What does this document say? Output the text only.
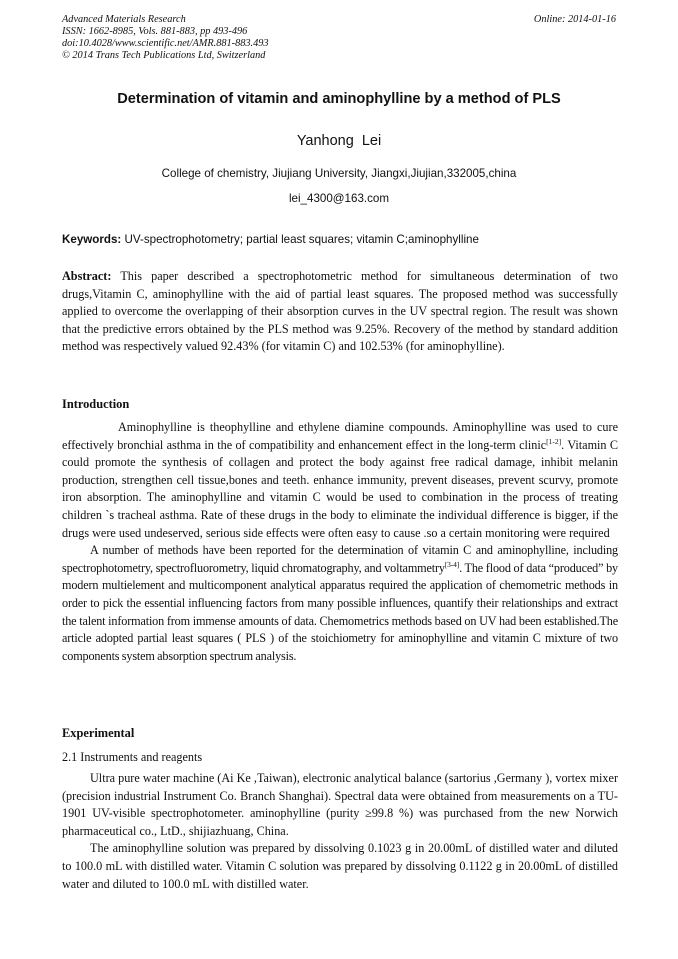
Advanced Materials Research
ISSN: 1662-8985, Vols. 881-883, pp 493-496
doi:10.4028/www.scientific.net/AMR.881-883.493
© 2014 Trans Tech Publications Ltd, Switzerland
Online: 2014-01-16
Determination of vitamin and aminophylline by a method of PLS
Yanhong Lei
College of chemistry, Jiujiang University, Jiangxi,Jiujian,332005,china
lei_4300@163.com
Keywords: UV-spectrophotometry; partial least squares; vitamin C;aminophylline

Abstract: This paper described a spectrophotometric method for simultaneous determination of two drugs,Vitamin C, aminophylline with the aid of partial least squares. The proposed method was successfully applied to overcome the overlapping of their absorption curves in the UV spectral region. The result was shown that the predictive errors obtained by the PLS method was 9.25%. Recovery of the method by standard addition method was respectively valued 92.43% (for vitamin C) and 102.53% (for aminophylline).

Introduction

Aminophylline is theophylline and ethylene diamine compounds. Aminophylline was used to cure effectively bronchial asthma in the of compatibility and enhancement effect in the long-term clinic[1-2]. Vitamin C could promote the synthesis of collagen and protect the body against free radical damage, inhibit melanin production, strengthen cell tissue,bones and teeth. enhance immunity, prevent diseases, prevent scurvy, promote iron absorption. The aminophylline and vitamin C would be used to combination in the process of treating children `s tracheal asthma. Rate of these drugs in the body to eliminate the individual difference is bigger, if the drugs were used undeserved, serious side effects were often easy to cause .so a certain monitoring were required

A number of methods have been reported for the determination of vitamin C and aminophylline, including spectrophotometry, spectrofluorometry, liquid chromatography, and voltammetry[3-4]. The flood of data “produced” by modern multielement and multicomponent analytical apparatus required the application of chemometric methods in order to pick the essential influencing factors from many possible influences, quantify their relationships and extract the talent information from immense amounts of data. Chemometrics methods based on UV had been established.The article adopted partial least squares ( PLS ) of the stoichiometry for aminophylline and vitamin C mixture of two components system absorption spectrum analysis.

Experimental
2.1 Instruments and reagents

Ultra pure water machine (Ai Ke ,Taiwan), electronic analytical balance (sartorius ,Germany ), vortex mixer (precision industrial Instrument Co. Branch Shanghai). Spectral data were obtained from measurements on a TU-1901 UV-visible spectrophotometer. aminophylline (purity ≥99.8 %) was purchased from the new Norwich pharmaceutical co., LtD., shijiazhuang, China.

The aminophylline solution was prepared by dissolving 0.1023 g in 20.00mL of distilled water and diluted to 100.0 mL with distilled water. Vitamin C solution was prepared by dissolving 0.1122 g in 20.00mL of distilled water and diluted to 100.0 mL with distilled water.
